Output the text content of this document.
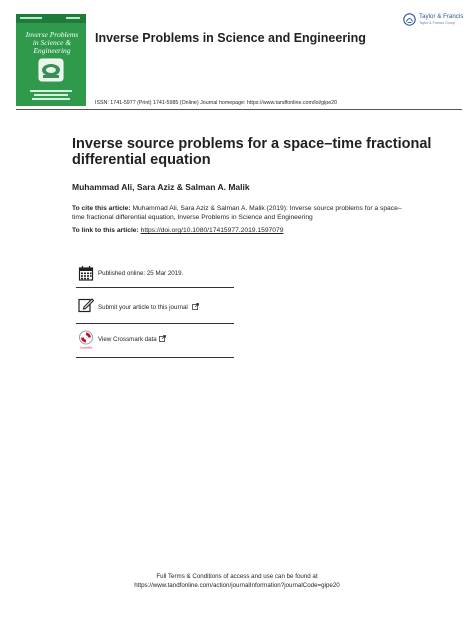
Inverse Problems
in Science & Engineering
Inverse Problems in Science and Engineering
Taylor & Francis
Taylor & Francis Group
ISSN: 1741-5977 (Print) 1741-5985 (Online) Journal homepage: https://www.tandfonline.com/loi/gipe20
Inverse source problems for a space–time fractional differential equation
Muhammad Ali, Sara Aziz & Salman A. Malik
To cite this article: Muhammad Ali, Sara Aziz & Salman A. Malik (2019): Inverse source problems for a space–time fractional differential equation, Inverse Problems in Science and Engineering
To link to this article: https://doi.org/10.1080/17415977.2019.1597079
Published online: 25 Mar 2019.
Submit your article to this journal
CrossMark
View Crossmark data
Full Terms & Conditions of access and use can be found at
https://www.tandfonline.com/action/journalInformation?journalCode=gipe20
